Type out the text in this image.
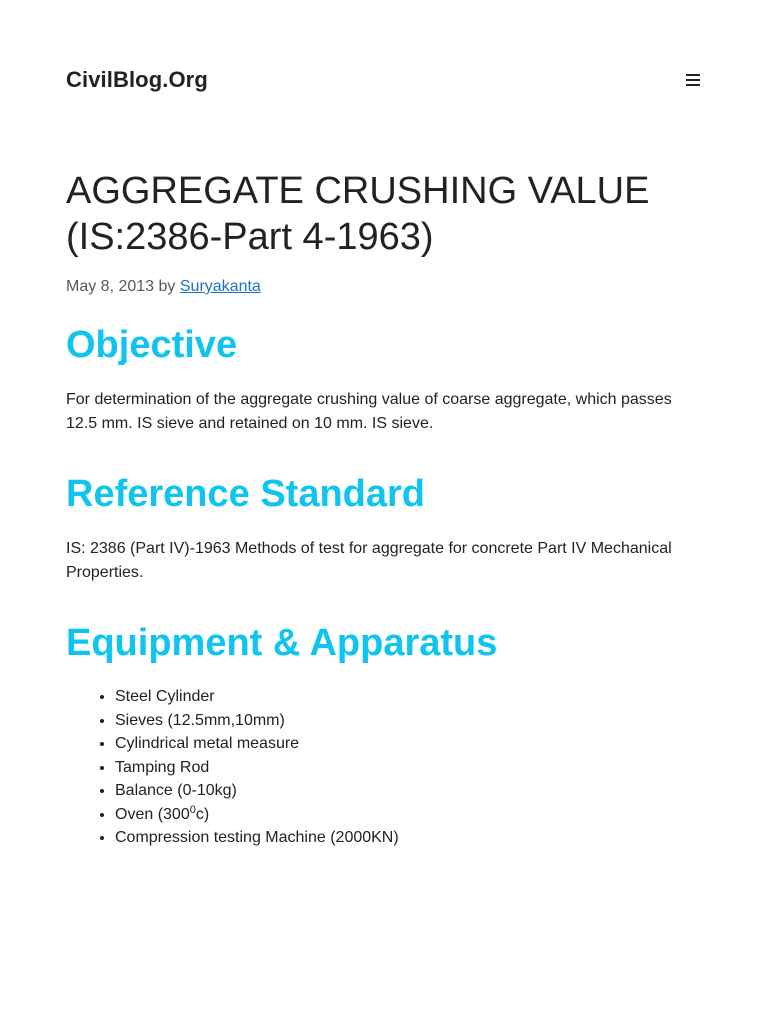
CivilBlog.Org
AGGREGATE CRUSHING VALUE (IS:2386-Part 4-1963)
May 8, 2013 by Suryakanta
Objective

For determination of the aggregate crushing value of coarse aggregate, which passes 12.5 mm. IS sieve and retained on 10 mm. IS sieve.

Reference Standard

IS: 2386 (Part IV)-1963 Methods of test for aggregate for concrete Part IV Mechanical Properties.

Equipment & Apparatus
• Steel Cylinder
• Sieves (12.5mm,10mm)
• Cylindrical metal measure
• Tamping Rod
• Balance (0-10kg)
• Oven $(300^0c)$
• Compression testing Machine (2000KN)
